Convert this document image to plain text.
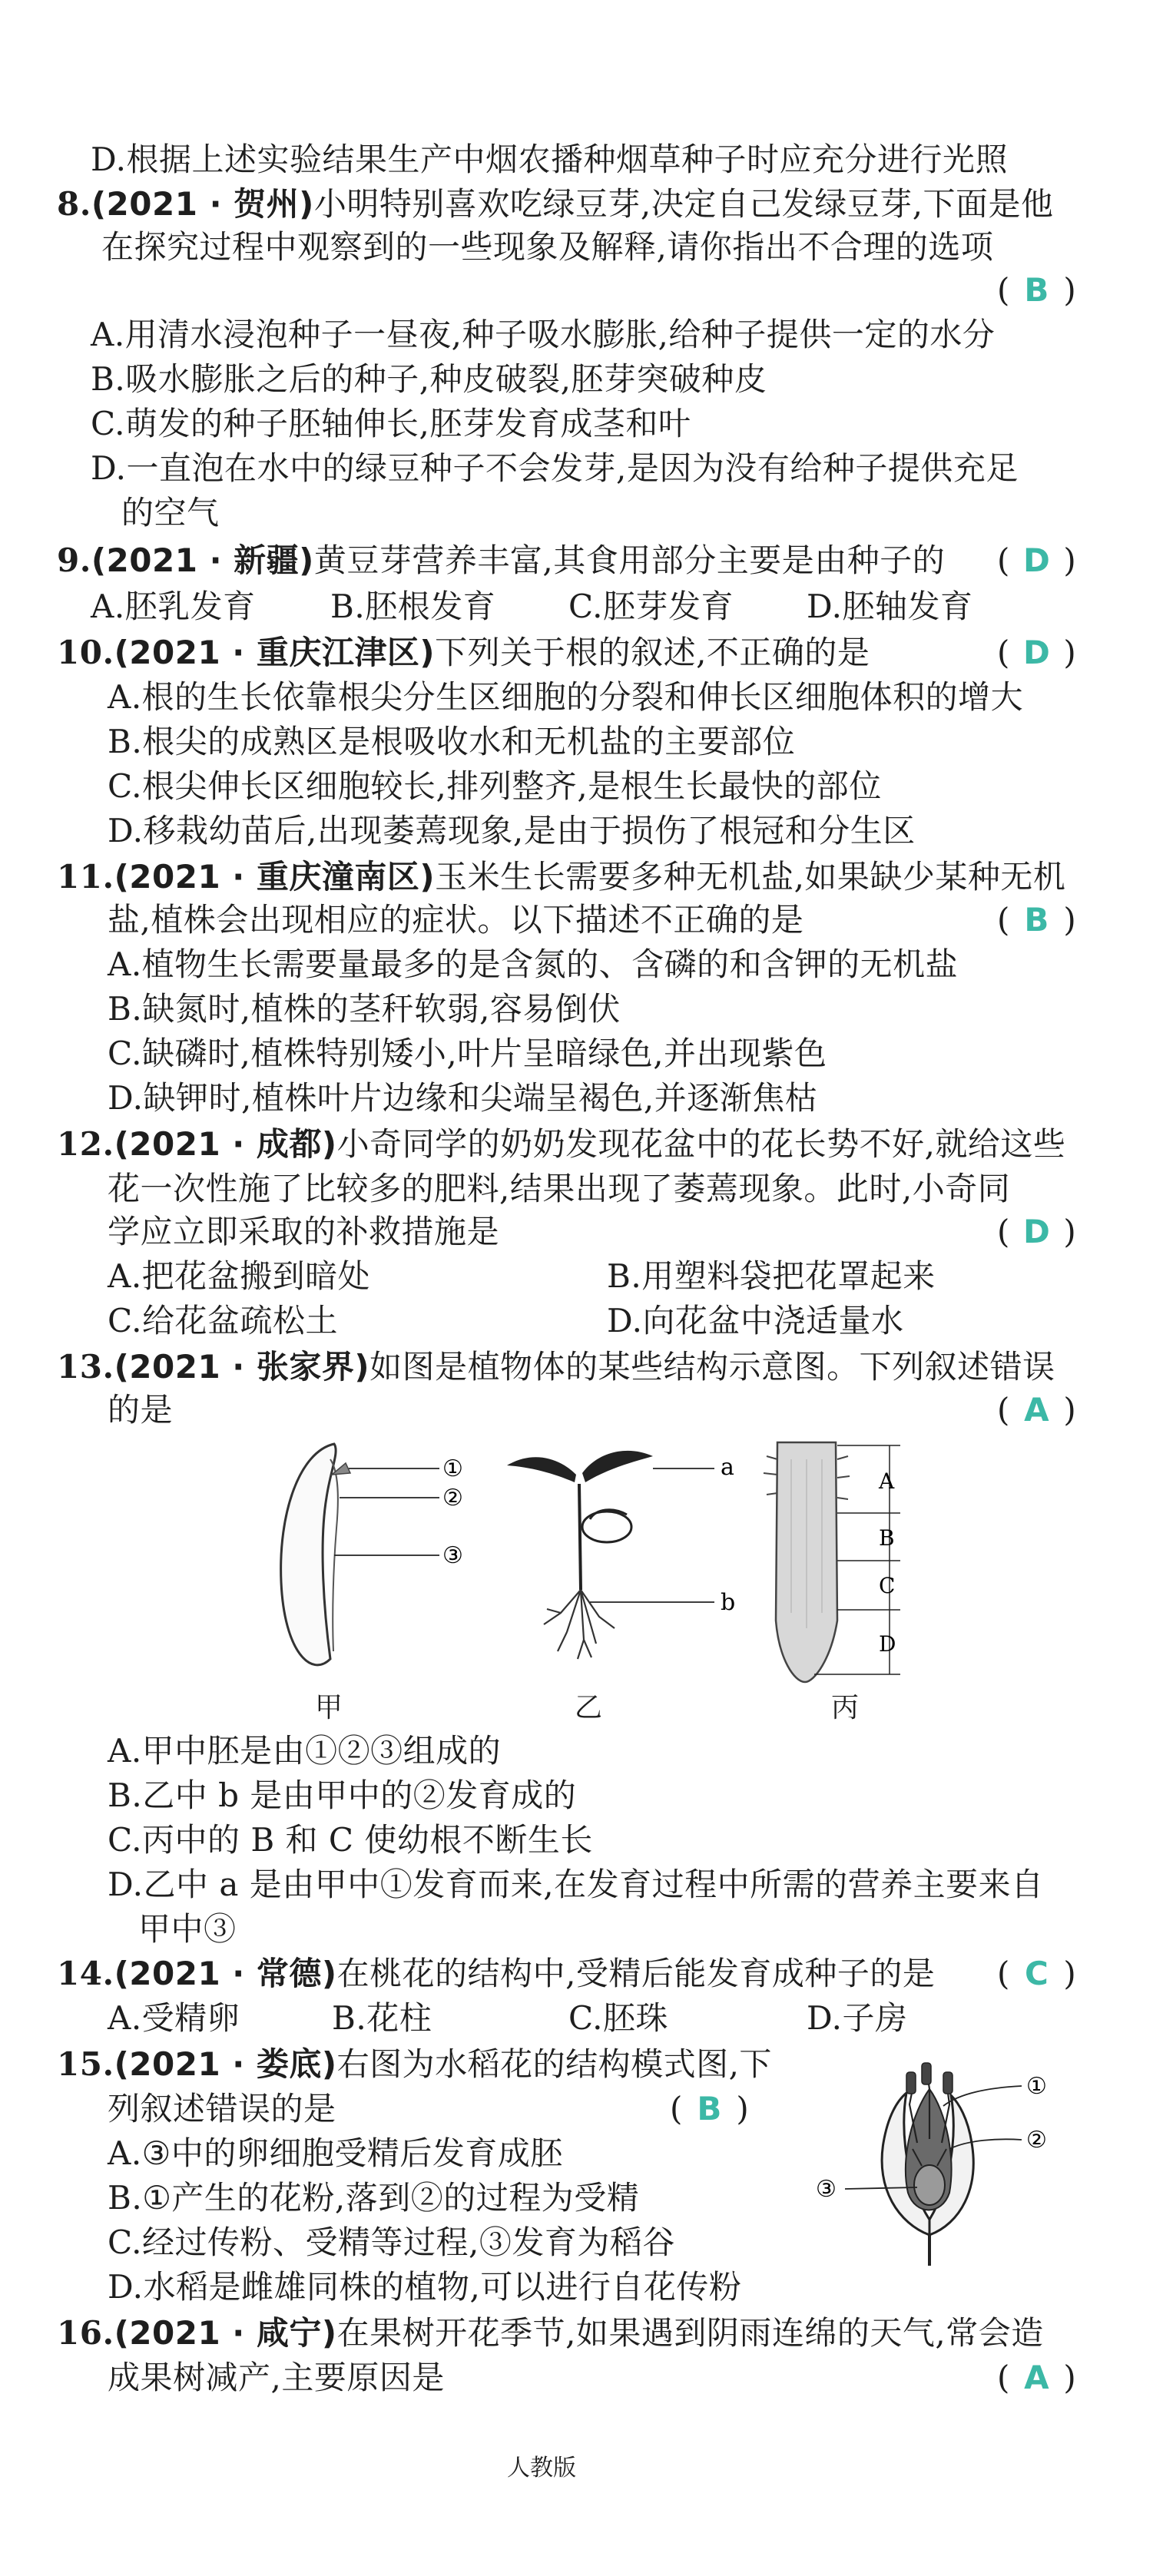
D.根据上述实验结果生产中烟农播种烟草种子时应充分进行光照
8.(2021 · 贺州)小明特别喜欢吃绿豆芽,决定自己发绿豆芽,下面是他
在探究过程中观察到的一些现象及解释,请你指出不合理的选项
( B )
A.用清水浸泡种子一昼夜,种子吸水膨胀,给种子提供一定的水分
B.吸水膨胀之后的种子,种皮破裂,胚芽突破种皮
C.萌发的种子胚轴伸长,胚芽发育成茎和叶
D.一直泡在水中的绿豆种子不会发芽,是因为没有给种子提供充足
的空气
9.(2021 · 新疆)黄豆芽营养丰富,其食用部分主要是由种子的 ( D )
A.胚乳发育 B.胚根发育 C.胚芽发育 D.胚轴发育
10.(2021 · 重庆江津区)下列关于根的叙述,不正确的是	( D )
A.根的生长依靠根尖分生区细胞的分裂和伸长区细胞体积的增大
B.根尖的成熟区是根吸收水和无机盐的主要部位
C.根尖伸长区细胞较长,排列整齐,是根生长最快的部位
D.移栽幼苗后,出现萎蔫现象,是由于损伤了根冠和分生区
11.(2021 · 重庆潼南区)玉米生长需要多种无机盐,如果缺少某种无机
盐,植株会出现相应的症状。以下描述不正确的是	( B )
A.植物生长需要量最多的是含氮的、含磷的和含钾的无机盐
B.缺氮时,植株的茎秆软弱,容易倒伏
C.缺磷时,植株特别矮小,叶片呈暗绿色,并出现紫色
D.缺钾时,植株叶片边缘和尖端呈褐色,并逐渐焦枯
12.(2021 · 成都)小奇同学的奶奶发现花盆中的花长势不好,就给这些
花一次性施了比较多的肥料,结果出现了萎蔫现象。此时,小奇同
学应立即采取的补救措施是	( D )
A.把花盆搬到暗处	B.用塑料袋把花罩起来
C.给花盆疏松土	D.向花盆中浇适量水
13.(2021 · 张家界)如图是植物体的某些结构示意图。下列叙述错误
的是	( A )
①
②
③
a
b
A
B
C
D
甲	乙	丙
A.甲中胚是由①②③组成的
B.乙中 b 是由甲中的②发育成的
C.丙中的 B 和 C 使幼根不断生长
D.乙中 a 是由甲中①发育而来,在发育过程中所需的营养主要来自
甲中③
14.(2021 · 常德)在桃花的结构中,受精后能发育成种子的是 ( C )
A.受精卵	B.花柱	C.胚珠	D.子房
15.(2021 · 娄底)右图为水稻花的结构模式图,下
列叙述错误的是	( B )
A.③中的卵细胞受精后发育成胚
B.①产生的花粉,落到②的过程为受精
C.经过传粉、受精等过程,③发育为稻谷
D.水稻是雌雄同株的植物,可以进行自花传粉
①
②
③
16.(2021 · 咸宁)在果树开花季节,如果遇到阴雨连绵的天气,常会造
成果树减产,主要原因是	( A )
人教版
